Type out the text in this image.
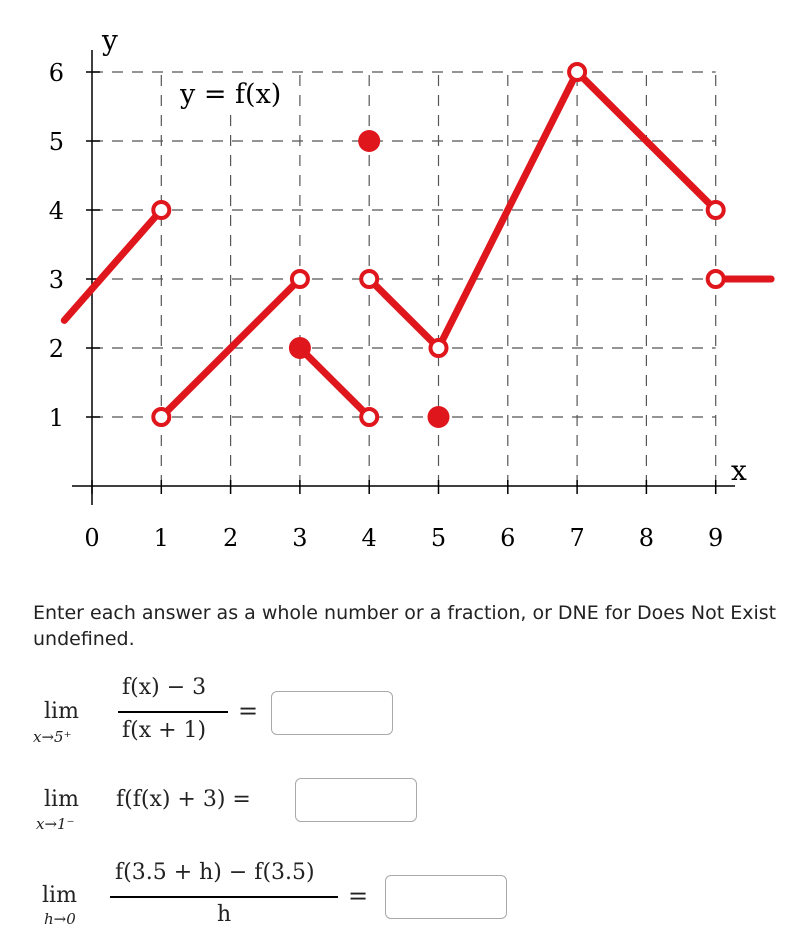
0 1 2 3 4 5 6 7 8 9
1
2
3
4
5
6
y
x
y = f(x)
Enter each answer as a whole number or a fraction, or DNE for Does Not Exist
undefined.
lim
x→5⁺
f(x) − 3
f(x + 1)
=
lim
x→1⁻
f(f(x) + 3) =
lim
h→0
f(3.5 + h) − f(3.5)
h
=
